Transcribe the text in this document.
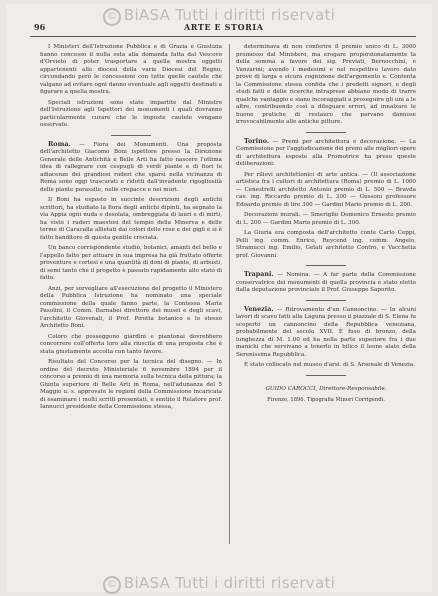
© BiASA Tutti i diritti riservati
96	ARTE E STORIA

I Ministeri dell'Istruzione Pubblica e di Grazia e Giustizia hanno concesso il nulla osta alla domanda fatta dal Vescovo d'Orvieto di poter trasportare a quella mostra oggetti appartenenti alle diocesi della varie Diocesi del Regno, circondando però le concessioni con tutte quelle cautele che valgano ad evitare ogni danno eventuale agli oggetti destinati a figurare a quella mostra.

Speciali istruzioni sono state impartite dal Ministro dell'Istruzione agli Ispettori dei monumenti i quali dovranno particolarmente curare che le imposte cautele vengano osservate.

Roma. — Flora dei Monumenti. Una proposta dell'architetto Giacomo Boni ispettore presso la Direzione Generale delle Antichità e Belle Arti ha fatto nascere l'ottima idea di rallegrare con cespugli di verdi piante e di fiori le adiacenze dei grandiosi ruderi che sparsi nella vicinanza di Roma sono oggi trascurati e ridotti dall'invadente rigogliosità delle piante parassite, nelle crepacce e nei muri.

Il Boni ha esposto in succinte descrizioni degli antichi scrittori, ha studiato la flora degli antichi dipinti, ha segnato la via Appia ogni nuda e desolata, ombreggiata di lauri e di mirti, ha visto i ruderi maestosi del tempio della Minerva e delle terme di Caracalla allietati dai colori delle rose e dei gigli e si è fatto banditore di questa gentile crociata.

Un banco corrispondente studiò, botanici, amanti del bello e l'appello fatto per attuare in sua impresa ha già fruttato offerte proventure e cortesi e una quantità di doni di piante, di arbusti, di semi tanto che il progetto è passato rapidamente allo stato di fatto.

Anzi, per sorvegliare all'esecuzione del progetto il Ministero della Pubblica Istruzione ha nominato una speciale commissione della quale fanno parte, la Contessa Maria Pasolini, il Comm. Barnabei direttore dei musei e degli scavi, l'architetto Giovenali, il Prof. Pirotta botanico e lo stesso Architetto Boni.

Coloro che posseggono giardini e piantonai dovrebbero concorrere coll'offerta loro alla riuscita di una proposta che è stata giustamente accolta con tanto favore.

Risultato del Concorso per la tecnica del disegno. — In ordine del decreto Ministeriale 6 novembre 1894 per il concorso a premio di una memoria sulla tecnica della pittura; la Giunta superiore di Belle Arti in Roma, nell'adunanza del 5 Maggio u. s. approvate le regioni della Commissione incaricata di esaminare i molti scritti presentati, e sentito il Relatore prof. Iannucci presidente della Commissione stessa,

determinava di non conferire il premio unico di L. 3000 promesso dal Ministero, ma erogare proporzionatamente la della somma a favore dei sig. Previati, Bernocchini, e Vanzarini; avendo i medesimi e nel respettivo lavoro dato prove di larga e sicura cognizione dell'argomento e. Contenta la Commissione stessa confida che i predetti signori, e degli studi fatti e delle ricerche intraprese abbiano modo di trarre qualche vantaggio e siano incoraggiati a proseguire gli uni a le altre, contribuendo così a dileguare errori, ad innalzare le buone pratiche di restauro che parvano dannose irrevocabilmente alle antiche pitture.

Torino. — Premi per architettura e decorazione. — La Commissione per l'aggiudicazione dei premi alle migliori opere di architettura esposte alla Promotrice ha preso queste deliberazioni:

Per rilievi architettonici di arte antica. — (Il associazione artistica fra i cultori di architettura (Roma) premio di L. 1000 — Cenestrelli architetto Antonio premio di L. 500 — Bravda cav. ing. Riccardo premio di L. 300 — Gussoni professore Edoardo premio di lire 300 — Gardini Mario premio di L. 200.

Decorazioni murali. — Smeriglio Domenico Ernesto premio di L. 200 — Gardini Mario premio di L. 300.

La Giuria era composta dell'architetto conte Carlo Ceppi, Pelli ing. comm. Enrico, Reycend ing. comm. Angelo, Stramucci ing. Emilio, Gelati architetto Contro, e Vacchetta prof. Giovanni.

Trapani. — Nomina. — A far parte della Commissione conservatrice dei monumenti di quella provincia è stato eletto dalla deputazione provinciale il Prof. Giuseppe Saporito.

Venezia. — Ritrovamento d'un Cannoncino. — In alcuni lavori di scavo fatti alla Laguna presso il piazzale di S. Elena fu scoperto un cannoncino della Repubblica veneziana, probabilmente del secolo XVII. È fuso di bronzo, della lunghezza di M. 1.00 ed ha nella parte superiore fra i due manichi che servivano a tenerlo in bilico il leone alato della Serenissima Repubblica.

È stato collocato nel museo d'arsi. di S. Arsenale di Venezia.

GUIDO CAROCCI, Direttore-Responsabile.
Firenze, 1896. Tipografia Minori Corrigendi.
© BiASA Tutti i diritti riservati
